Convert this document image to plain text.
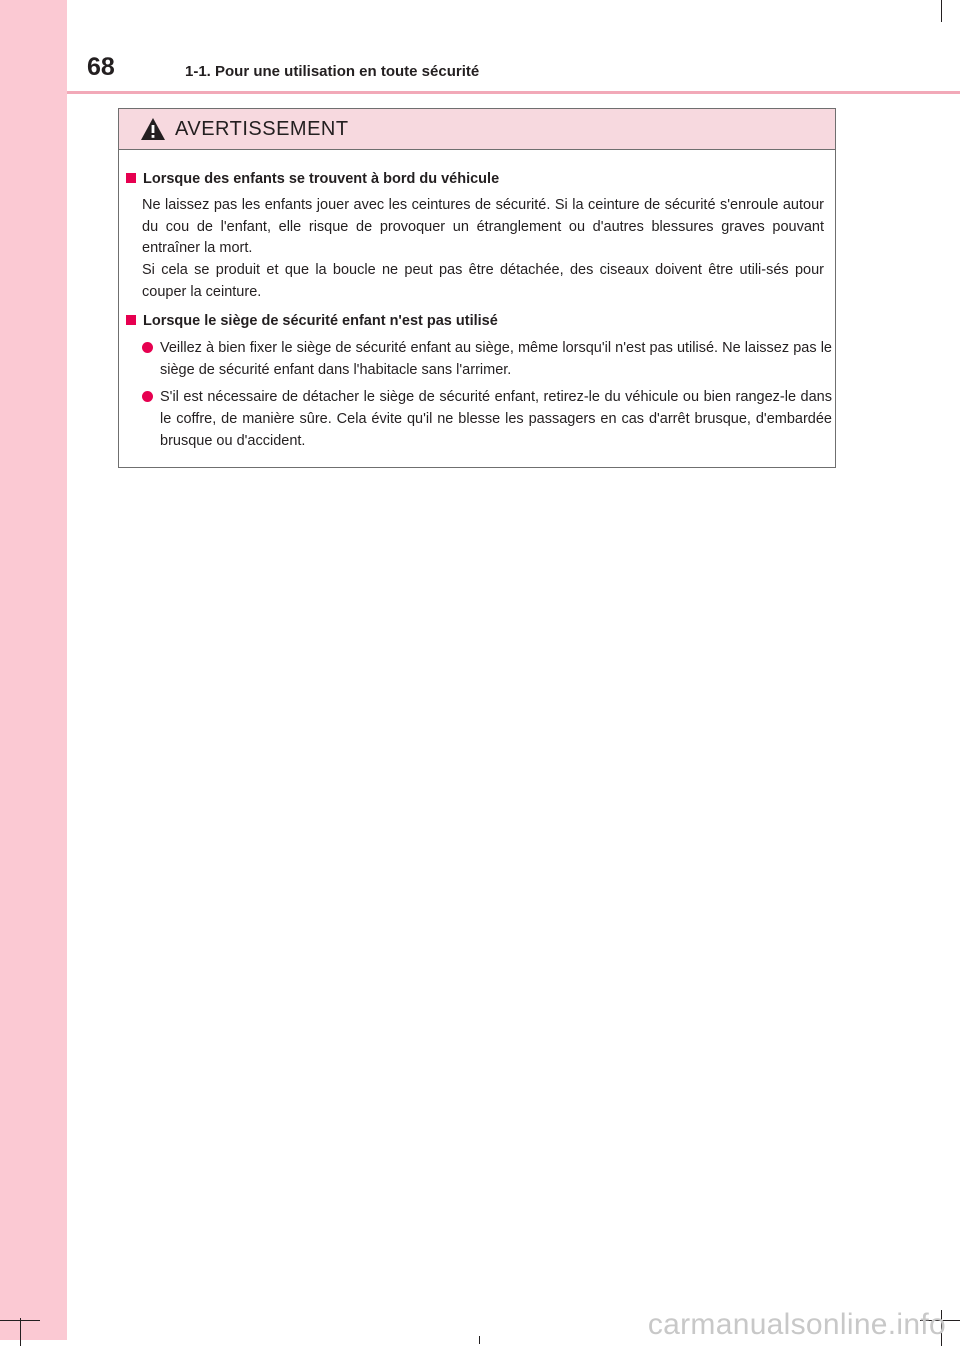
68	1-1. Pour une utilisation en toute sécurité
AVERTISSEMENT
Lorsque des enfants se trouvent à bord du véhicule
Ne laissez pas les enfants jouer avec les ceintures de sécurité. Si la ceinture de sécurité s'enroule autour du cou de l'enfant, elle risque de provoquer un étranglement ou d'autres blessures graves pouvant entraîner la mort.
Si cela se produit et que la boucle ne peut pas être détachée, des ciseaux doivent être utili-sés pour couper la ceinture.
Lorsque le siège de sécurité enfant n'est pas utilisé
Veillez à bien fixer le siège de sécurité enfant au siège, même lorsqu'il n'est pas utilisé. Ne laissez pas le siège de sécurité enfant dans l'habitacle sans l'arrimer.
S'il est nécessaire de détacher le siège de sécurité enfant, retirez-le du véhicule ou bien rangez-le dans le coffre, de manière sûre. Cela évite qu'il ne blesse les passagers en cas d'arrêt brusque, d'embardée brusque ou d'accident.
carmanualsonline.info
